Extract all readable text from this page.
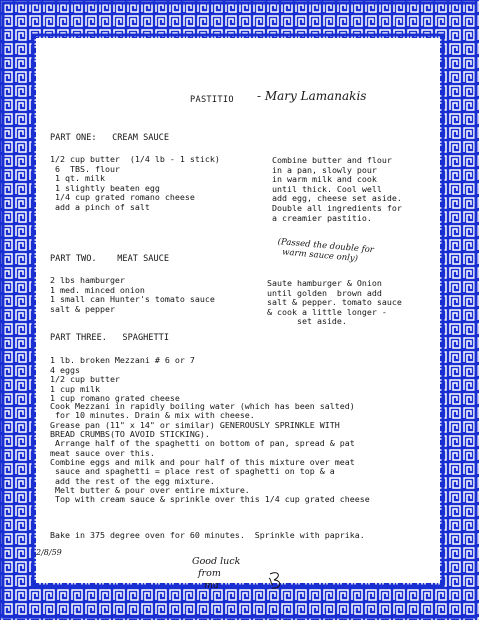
PASTITIO - Mary Lamanakis
PART ONE:   CREAM SAUCE
1/2 cup butter  (1/4 lb - 1 stick)
6  TBS. flour
1 qt. milk
1 slightly beaten egg
1/4 cup grated romano cheese
add a pinch of salt
Combine butter and flour
in a pan, slowly pour
in warm milk and cook
until thick. Cool well
add egg, cheese set aside.
Double all ingredients for
a creamier pastitio.
(Passed the double for
warm sauce only)
PART TWO.    MEAT SAUCE
2 lbs hamburger
1 med. minced onion
1 small can Hunter's tomato sauce
salt & pepper
Saute hamburger & Onion
until golden  brown add
salt & pepper. tomato sauce
& cook a little longer -
set aside.
PART THREE.   SPAGHETTI
1 lb. broken Mezzani # 6 or 7
4 eggs
1/2 cup butter
1 cup milk
1 cup romano grated cheese
Cook Mezzani in rapidly boiling water (which has been salted)
for 10 minutes. Drain & mix with cheese.
Grease pan (11" x 14" or similar) GENEROUSLY SPRINKLE WITH
BREAD CRUMBS(TO AVOID STICKING).
Arrange half of the spaghetti on bottom of pan, spread & pat
meat sauce over this.
Combine eggs and milk and pour half of this mixture over meat
sauce and spaghetti = place rest of spaghetti on top & a
add the rest of the egg mixture.
Melt butter & pour over entire mixture.
Top with cream sauce & sprinkle over this 1/4 cup grated cheese
Bake in 375 degree oven for 60 minutes.  Sprinkle with paprika.
2/8/59
Good luck
from
ma
